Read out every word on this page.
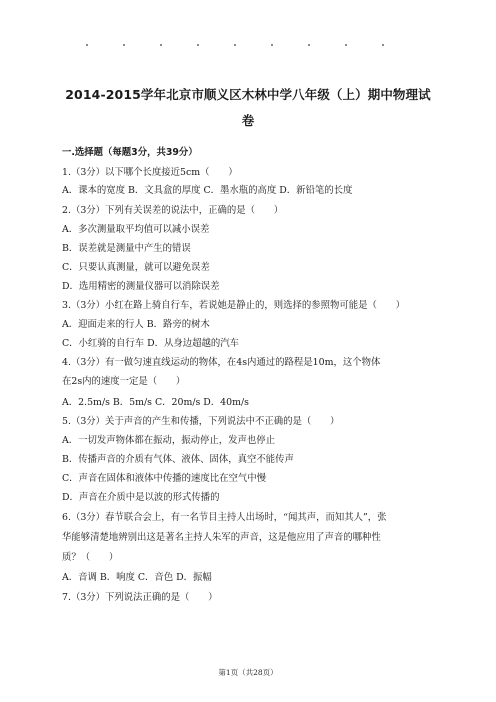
2014-2015学年北京市顺义区木林中学八年级（上）期中物理试
卷
一.选择题（每题3分，共39分）
1.（3分）以下哪个长度接近5cm（　　）
A．课本的宽度 B．文具盒的厚度 C．墨水瓶的高度 D．新铅笔的长度
2.（3分）下列有关误差的说法中，正确的是（　　）
A．多次测量取平均值可以减小误差
B．误差就是测量中产生的错误
C．只要认真测量，就可以避免误差
D．选用精密的测量仪器可以消除误差
3.（3分）小红在路上骑自行车，若说她是静止的，则选择的参照物可能是（　　）
A．迎面走来的行人 B．路旁的树木
C．小红骑的自行车 D．从身边超越的汽车
4.（3分）有一做匀速直线运动的物体，在4s内通过的路程是10m，这个物体
在2s内的速度一定是（　　）
A．2.5m/s B．5m/s C．20m/s D．40m/s
5.（3分）关于声音的产生和传播，下列说法中不正确的是（　　）
A．一切发声物体都在振动，振动停止，发声也停止
B．传播声音的介质有气体、液体、固体，真空不能传声
C．声音在固体和液体中传播的速度比在空气中慢
D．声音在介质中是以波的形式传播的
6.（3分）春节联合会上，有一名节目主持人出场时，“闻其声，而知其人”，张
华能够清楚地辨别出这是著名主持人朱军的声音，这是他应用了声音的哪种性
质？（　　）
A．音调 B．响度 C．音色 D．振幅
7.（3分）下列说法正确的是（　　）
第1页（共28页）
